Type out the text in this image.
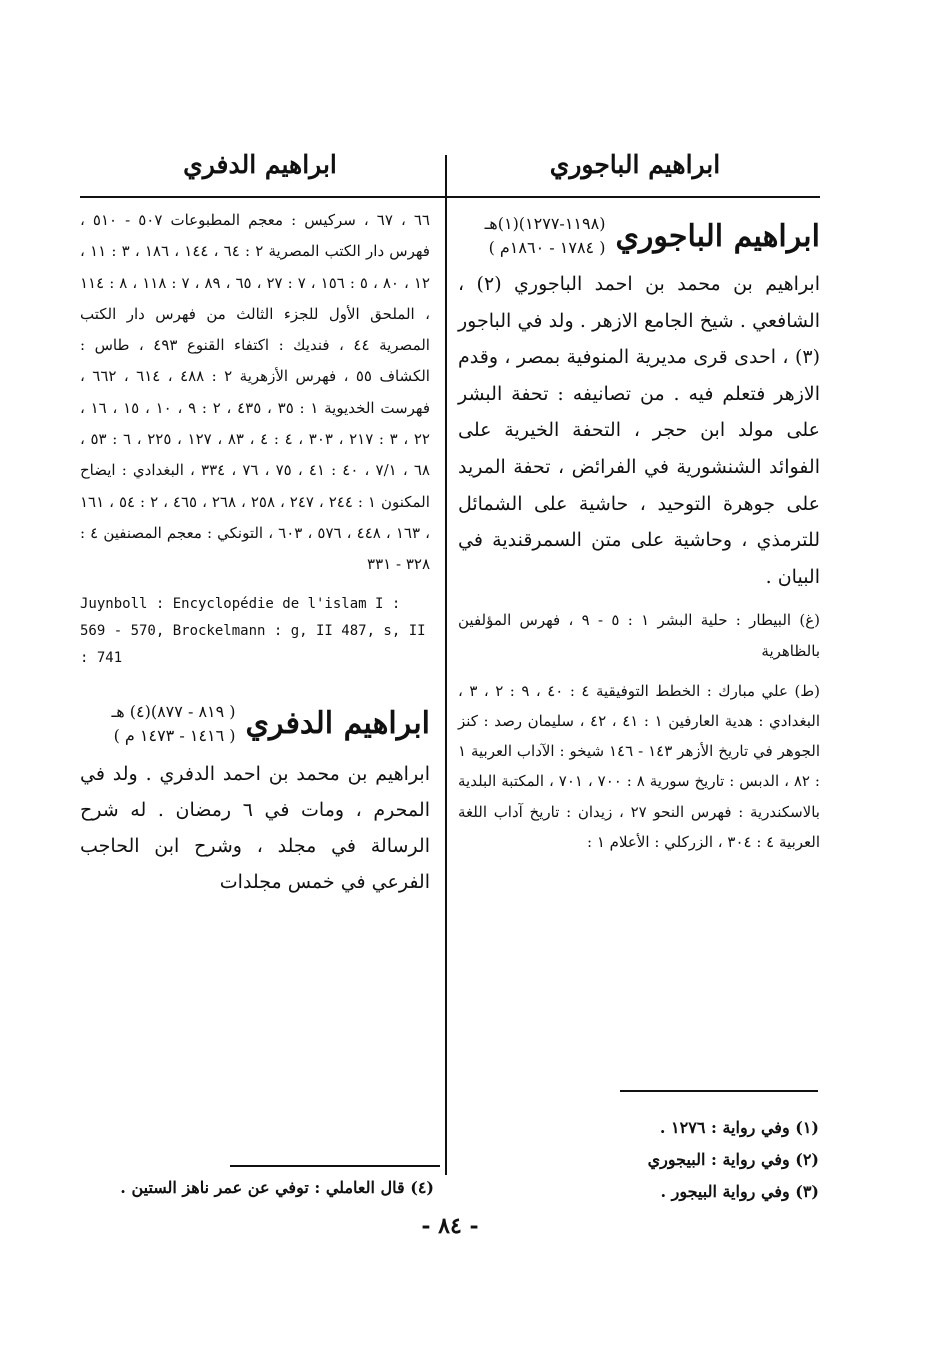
ابراهيم الباجوري
ابراهيم الدفري
ابراهيم الباجوري
(١١٩٨-١٢٧٧)(١)هـ
( ١٧٨٤ - ١٨٦٠م )
ابراهيم بن محمد بن احمد الباجوري (٢) ، الشافعي . شيخ الجامع الازهر . ولد في الباجور (٣) ، احدى قرى مديرية المنوفية بمصر ، وقدم الازهر فتعلم فيه . من تصانيفه : تحفة البشر على مولد ابن حجر ، التحفة الخيرية على الفوائد الشنشورية في الفرائض ، تحفة المريد على جوهرة التوحيد ، حاشية على الشمائل للترمذي ، وحاشية على متن السمرقندية في البيان .
(غ) البيطار : حلية البشر ١ : ٥ - ٩ ، فهرس المؤلفين بالظاهرية
(ط) علي مبارك : الخطط التوفيقية ٤ : ٤٠ ، ٩ : ٢ ، ٣ ، البغدادي : هدية العارفين ١ : ٤١ ، ٤٢ ، سليمان رصد : كنز الجوهر في تاريخ الأزهر ١٤٣ - ١٤٦ شيخو : الآداب العربية ١ : ٨٢ ، الدبس : تاريخ سورية ٨ : ٧٠٠ ، ٧٠١ ، المكتبة البلدية بالاسكندرية : فهرس النحو ٢٧ ، زيدان : تاريخ آداب اللغة العربية ٤ : ٣٠٤ ، الزركلي : الأعلام ١ :
٦٦ ، ٦٧ ، سركيس : معجم المطبوعات ٥٠٧ - ٥١٠ ، فهرس دار الكتب المصرية ٢ : ٦٤ ، ١٤٤ ، ١٨٦ ، ٣ : ١١ ، ١٢ ، ٨٠ ، ٥ : ١٥٦ ، ٧ : ٢٧ ، ٦٥ ، ٨٩ ، ٧ : ١١٨ ، ٨ : ١١٤ ، الملحق الأول للجزء الثالث من فهرس دار الكتب المصرية ٤٤ ، فنديك : اكتفاء القنوع ٤٩٣ ، طاس : الكشاف ٥٥ ، فهرس الأزهرية ٢ : ٤٨٨ ، ٦١٤ ، ٦٦٢ ، فهرست الخديوية ١ : ٣٥ ، ٤٣٥ ، ٢ : ٩ ، ١٠ ، ١٥ ، ١٦ ، ٢٢ ، ٣ : ٢١٧ ، ٣٠٣ ، ٤ : ٤ ، ٨٣ ، ١٢٧ ، ٢٢٥ ، ٦ : ٥٣ ، ٦٨ ، ٧/١ ، ٤٠ : ٤١ ، ٧٥ ، ٧٦ ، ٣٣٤ ، البغدادي : ايضاح المكنون ١ : ٢٤٤ ، ٢٤٧ ، ٢٥٨ ، ٢٦٨ ، ٤٦٥ ، ٢ : ٥٤ ، ١٦١ ، ١٦٣ ، ٤٤٨ ، ٥٧٦ ، ٦٠٣ ، التونكي : معجم المصنفين ٤ : ٣٢٨ - ٣٣١
Juynboll : Encyclopédie de l'islam I : 569 - 570, Brockelmann : g, II 487, s, II : 741
ابراهيم الدفري
( ٨١٩ - ٨٧٧)(٤) هـ
( ١٤١٦ - ١٤٧٣ م )
ابراهيم بن محمد بن احمد الدفري . ولد في المحرم ، ومات في ٦ رمضان . له شرح الرسالة في مجلد ، وشرح ابن الحاجب الفرعي في خمس مجلدات
(١) وفي رواية : ١٢٧٦ .
(٢) وفي رواية : البيجوري
(٣) وفي رواية البيجور .
(٤) قال العاملي : توفي عن عمر ناهز الستين .
- ٨٤ -
